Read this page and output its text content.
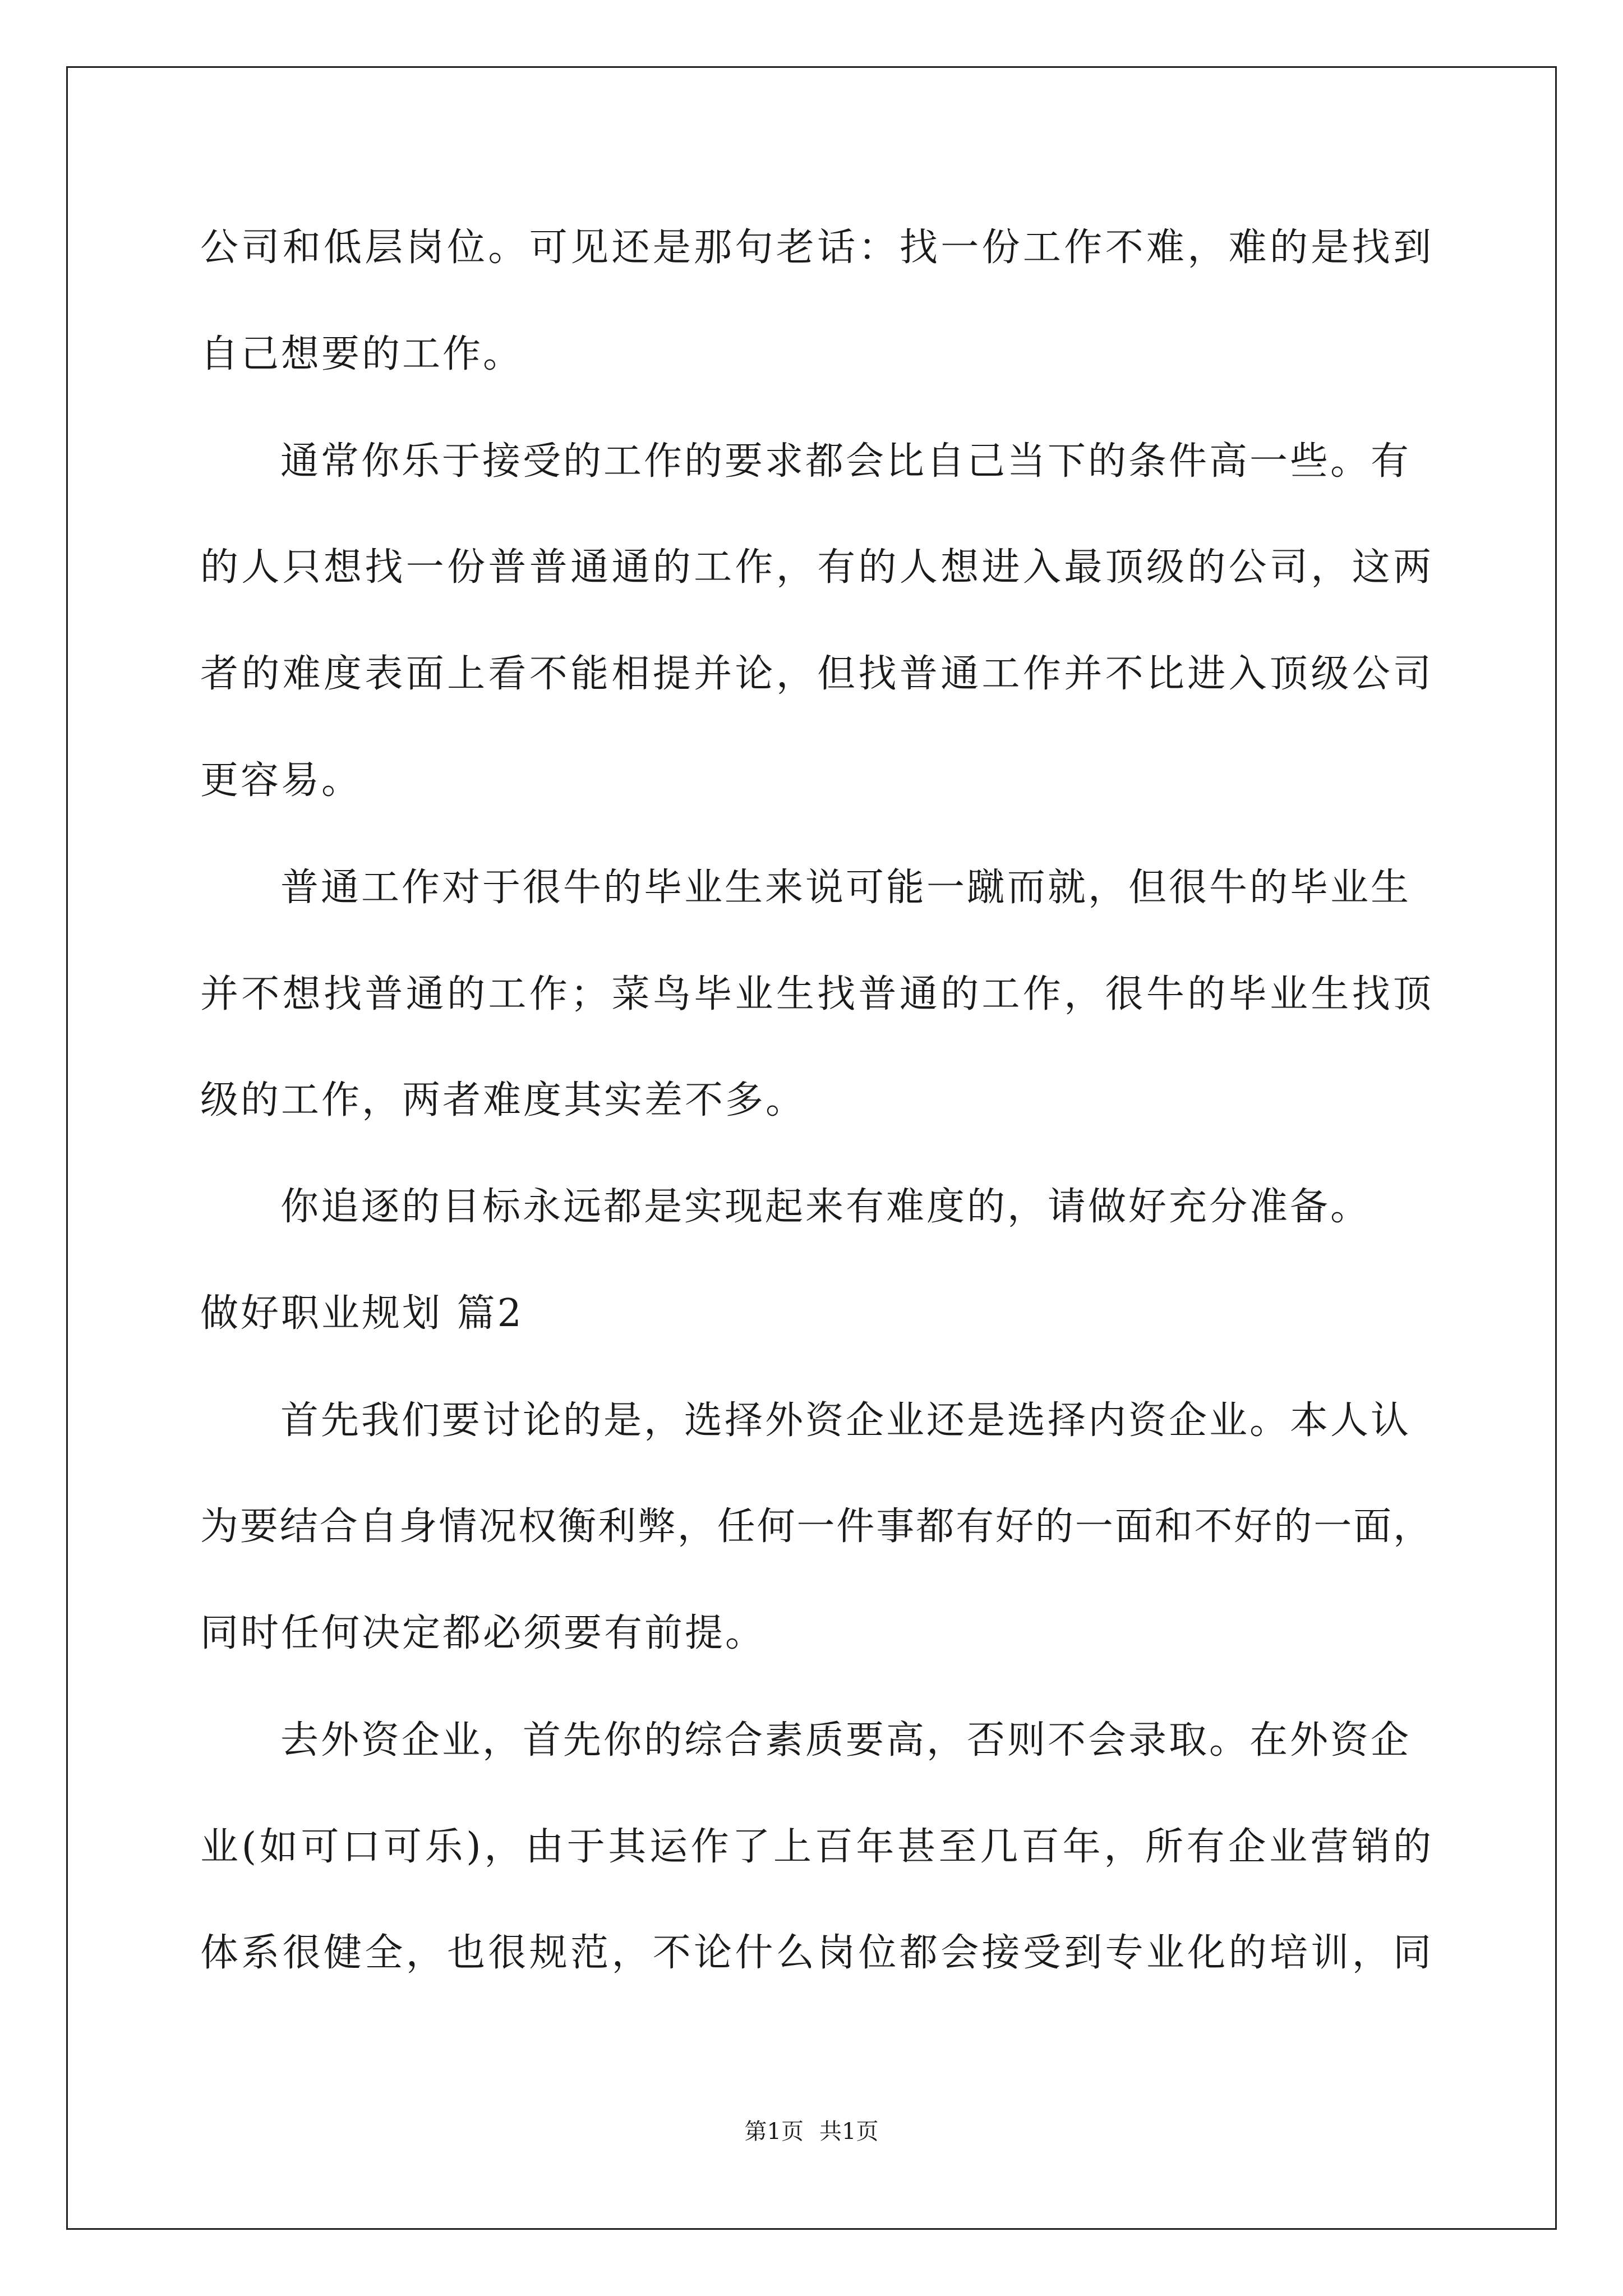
公司和低层岗位。可见还是那句老话：找一份工作不难，难的是找到
自己想要的工作。
通常你乐于接受的工作的要求都会比自己当下的条件高一些。有
的人只想找一份普普通通的工作，有的人想进入最顶级的公司，这两
者的难度表面上看不能相提并论，但找普通工作并不比进入顶级公司
更容易。
普通工作对于很牛的毕业生来说可能一蹴而就，但很牛的毕业生
并不想找普通的工作；菜鸟毕业生找普通的工作，很牛的毕业生找顶
级的工作，两者难度其实差不多。
你追逐的目标永远都是实现起来有难度的，请做好充分准备。
做好职业规划 篇2
首先我们要讨论的是，选择外资企业还是选择内资企业。本人认
为要结合自身情况权衡利弊，任何一件事都有好的一面和不好的一面，
同时任何决定都必须要有前提。
去外资企业，首先你的综合素质要高，否则不会录取。在外资企
业(如可口可乐)，由于其运作了上百年甚至几百年，所有企业营销的
体系很健全，也很规范，不论什么岗位都会接受到专业化的培训，同
第1页 共1页
